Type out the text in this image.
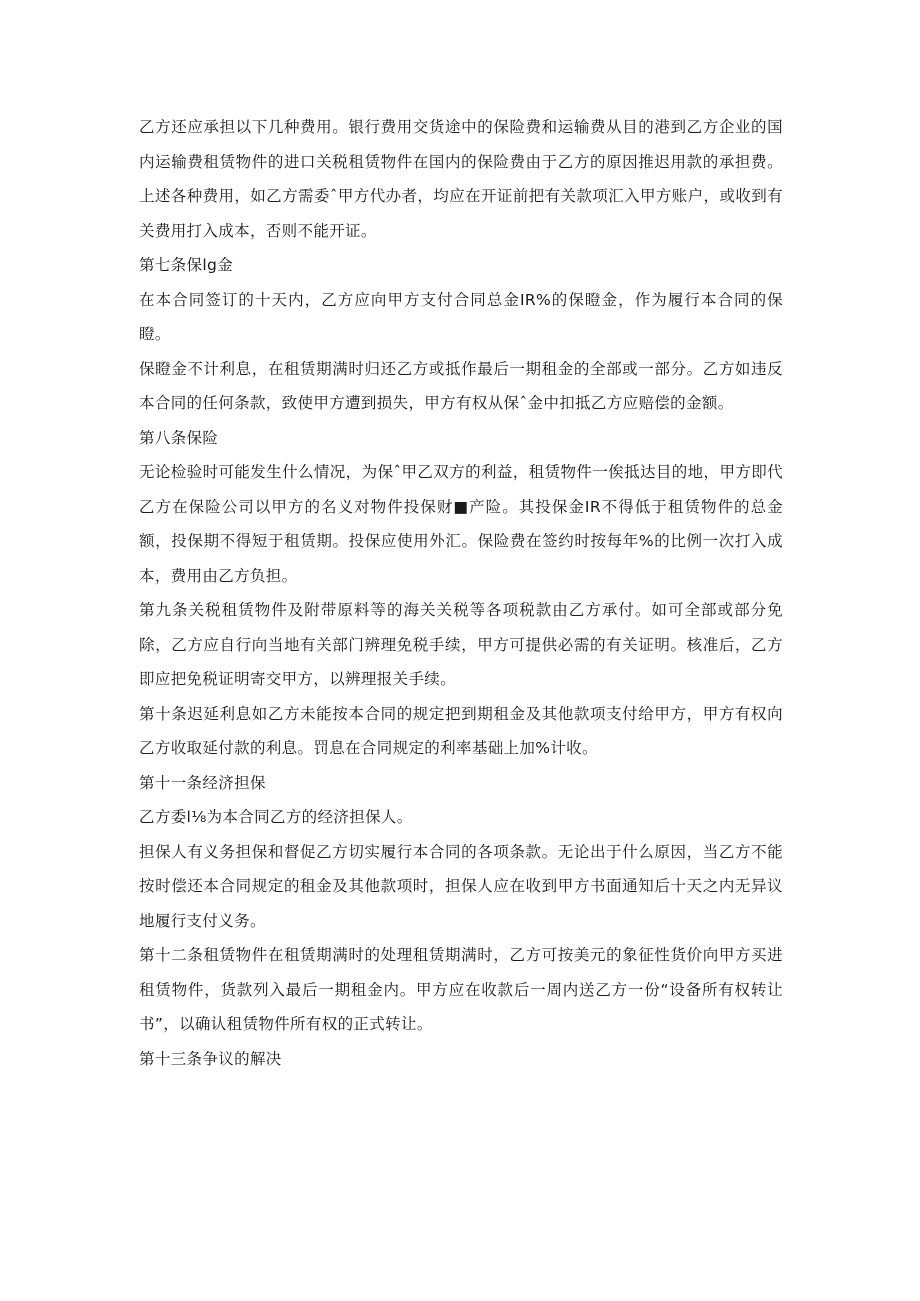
乙方还应承担以下几种费用。银行费用交货途中的保险费和运输费从目的港到乙方企业的国内运输费租赁物件的进口关税租赁物件在国内的保险费由于乙方的原因推迟用款的承担费。上述各种费用，如乙方需委ˆ甲方代办者，均应在开证前把有关款项汇入甲方账户，或收到有关费用打入成本，否则不能开证。

第七条保lg金

在本合同签订的十天内，乙方应向甲方支付合同总金IR%的保瞪金，作为履行本合同的保瞪。

保瞪金不计利息，在租赁期满时归还乙方或抵作最后一期租金的全部或一部分。乙方如违反本合同的任何条款，致使甲方遭到损失，甲方有权从保ˆ金中扣抵乙方应赔偿的金额。

第八条保险

无论检验时可能发生什么情况，为保ˆ甲乙双方的利益，租赁物件一俟抵达目的地，甲方即代乙方在保险公司以甲方的名义对物件投保财■产险。其投保金IR不得低于租赁物件的总金额，投保期不得短于租赁期。投保应使用外汇。保险费在签约时按每年%的比例一次打入成本，费用由乙方负担。

第九条关税租赁物件及附带原料等的海关关税等各项税款由乙方承付。如可全部或部分免除，乙方应自行向当地有关部门辨理免税手续，甲方可提供必需的有关证明。核准后，乙方即应把免税证明寄交甲方，以辨理报关手续。

第十条迟延利息如乙方未能按本合同的规定把到期租金及其他款项支付给甲方，甲方有权向乙方收取延付款的利息。罚息在合同规定的利率基础上加%计收。

第十一条经济担保

乙方委l⅛为本合同乙方的经济担保人。

担保人有义务担保和督促乙方切实履行本合同的各项条款。无论出于什么原因，当乙方不能按时偿还本合同规定的租金及其他款项时，担保人应在收到甲方书面通知后十天之内无异议地履行支付义务。

第十二条租赁物件在租赁期满时的处理租赁期满时，乙方可按美元的象征性货价向甲方买进租赁物件，货款列入最后一期租金内。甲方应在收款后一周内送乙方一份“设备所有权转让书”，以确认租赁物件所有权的正式转让。

第十三条争议的解决
